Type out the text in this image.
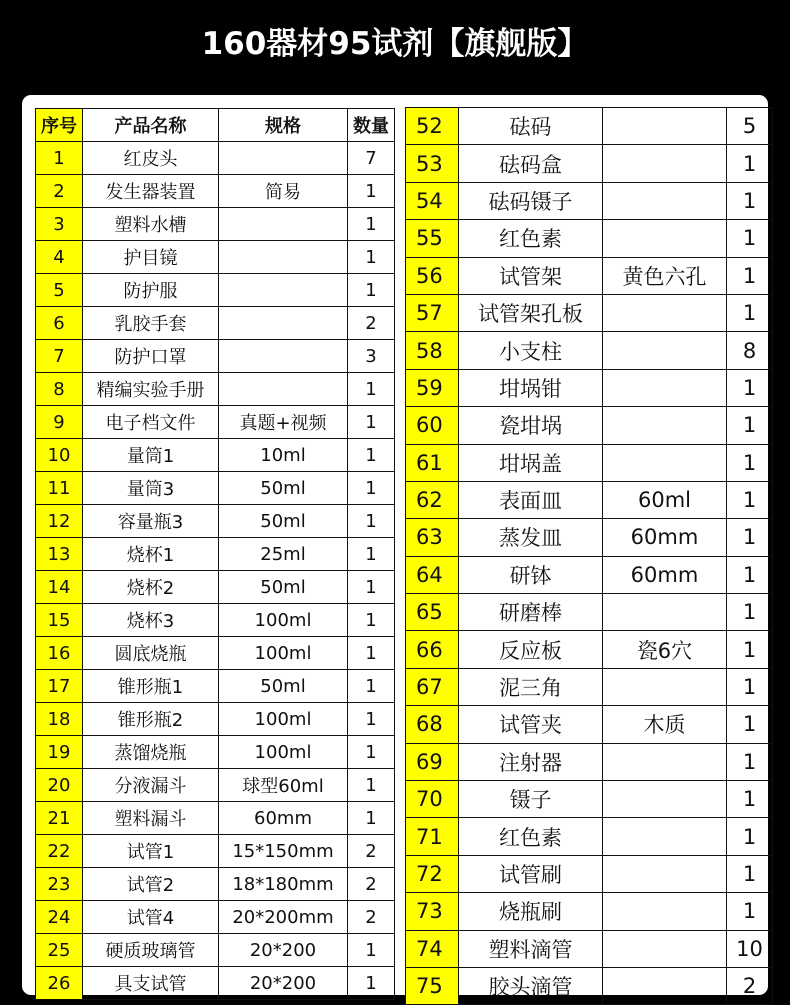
160器材95试剂【旗舰版】
序号	产品名称	规格	数量
1	红皮头		7
2	发生器装置	简易	1
3	塑料水槽		1
4	护目镜		1
5	防护服		1
6	乳胶手套		2
7	防护口罩		3
8	精编实验手册		1
9	电子档文件	真题+视频	1
10	量筒1	10ml	1
11	量筒3	50ml	1
12	容量瓶3	50ml	1
13	烧杯1	25ml	1
14	烧杯2	50ml	1
15	烧杯3	100ml	1
16	圆底烧瓶	100ml	1
17	锥形瓶1	50ml	1
18	锥形瓶2	100ml	1
19	蒸馏烧瓶	100ml	1
20	分液漏斗	球型60ml	1
21	塑料漏斗	60mm	1
22	试管1	15*150mm	2
23	试管2	18*180mm	2
24	试管4	20*200mm	2
25	硬质玻璃管	20*200	1
26	具支试管	20*200	1
52	砝码		5
53	砝码盒		1
54	砝码镊子		1
55	红色素		1
56	试管架	黄色六孔	1
57	试管架孔板		1
58	小支柱		8
59	坩埚钳		1
60	瓷坩埚		1
61	坩埚盖		1
62	表面皿	60ml	1
63	蒸发皿	60mm	1
64	研钵	60mm	1
65	研磨棒		1
66	反应板	瓷6穴	1
67	泥三角		1
68	试管夹	木质	1
69	注射器		1
70	镊子		1
71	红色素		1
72	试管刷		1
73	烧瓶刷		1
74	塑料滴管		10
75	胶头滴管		2
